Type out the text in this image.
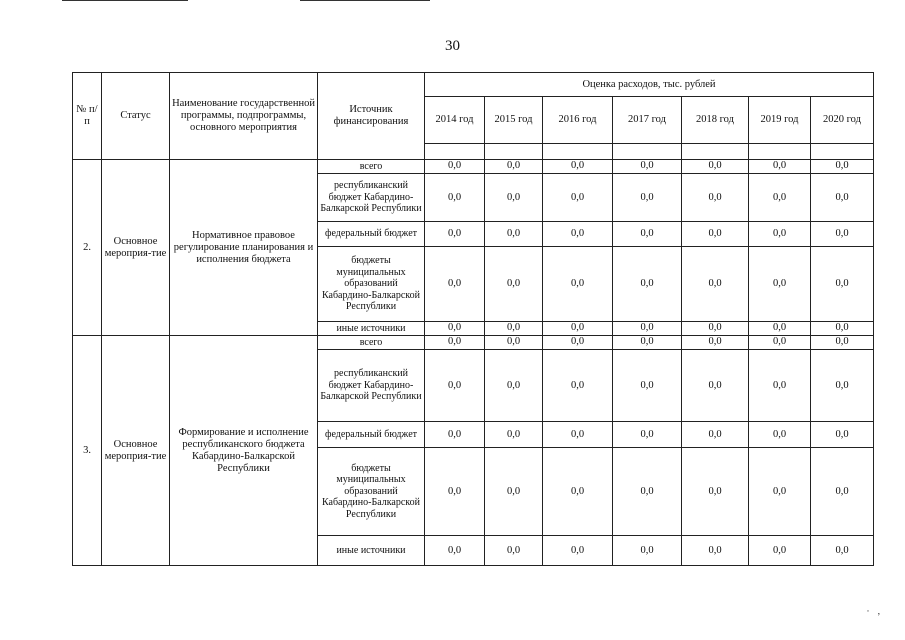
30
№ п/п	Статус	Наименование государственной программы, подпрограммы, основного мероприятия	Источник финансирования	Оценка расходов, тыс. рублей						
				2014 год	2015 год	2016 год	2017 год	2018 год	2019 год	2020 год

2.	Основное мероприя-тие	Нормативное правовое регулирование планирования и исполнения бюджета	всего	0,0	0,0	0,0	0,0	0,0	0,0	0,0
			республиканский бюджет Кабардино-Балкарской Республики	0,0	0,0	0,0	0,0	0,0	0,0	0,0
			федеральный бюджет	0,0	0,0	0,0	0,0	0,0	0,0	0,0
			бюджеты муниципальных образований Кабардино-Балкарской Республики	0,0	0,0	0,0	0,0	0,0	0,0	0,0
			иные источники	0,0	0,0	0,0	0,0	0,0	0,0	0,0
3.	Основное мероприя-тие	Формирование и исполнение республиканского бюджета Кабардино-Балкарской Республики	всего	0,0	0,0	0,0	0,0	0,0	0,0	0,0
			республиканский бюджет Кабардино-Балкарской Республики	0,0	0,0	0,0	0,0	0,0	0,0	0,0
			федеральный бюджет	0,0	0,0	0,0	0,0	0,0	0,0	0,0
			бюджеты муниципальных образований Кабардино-Балкарской Республики	0,0	0,0	0,0	0,0	0,0	0,0	0,0
			иные источники	0,0	0,0	0,0	0,0	0,0	0,0	0,0
· ,
